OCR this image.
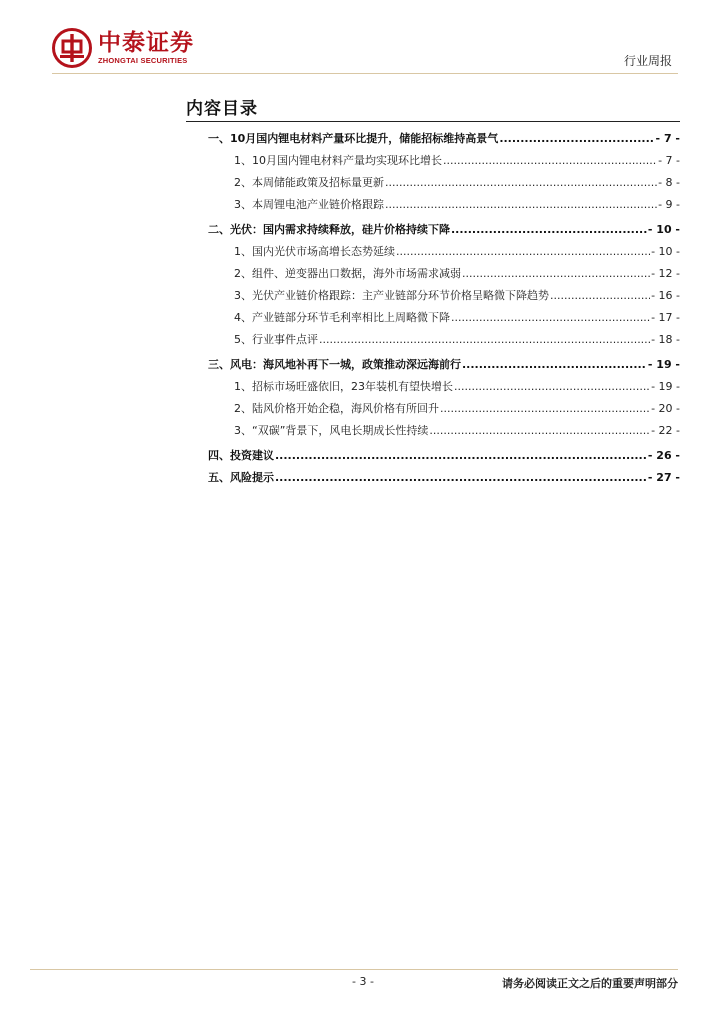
中泰证券
ZHONGTAI SECURITIES	行业周报
内容目录
一、10月国内锂电材料产量环比提升，储能招标维持高景气 .....	- 7 -
1、10月国内锂电材料产量均实现环比增长 .....	- 7 -
2、本周储能政策及招标量更新 .....	- 8 -
3、本周锂电池产业链价格跟踪 .....	- 9 -
二、光伏：国内需求持续释放，硅片价格持续下降 .....	- 10 -
1、国内光伏市场高增长态势延续 .....	- 10 -
2、组件、逆变器出口数据，海外市场需求减弱 .....	- 12 -
3、光伏产业链价格跟踪：主产业链部分环节价格呈略微下降趋势 .....	- 16 -
4、产业链部分环节毛利率相比上周略微下降 .....	- 17 -
5、行业事件点评 .....	- 18 -
三、风电：海风地补再下一城，政策推动深远海前行 .....	- 19 -
1、招标市场旺盛依旧，23年装机有望快增长 .....	- 19 -
2、陆风价格开始企稳，海风价格有所回升 .....	- 20 -
3、“双碳”背景下，风电长期成长性持续 .....	- 22 -
四、投资建议 .....	- 26 -
五、风险提示 .....	- 27 -
- 3 -	请务必阅读正文之后的重要声明部分
